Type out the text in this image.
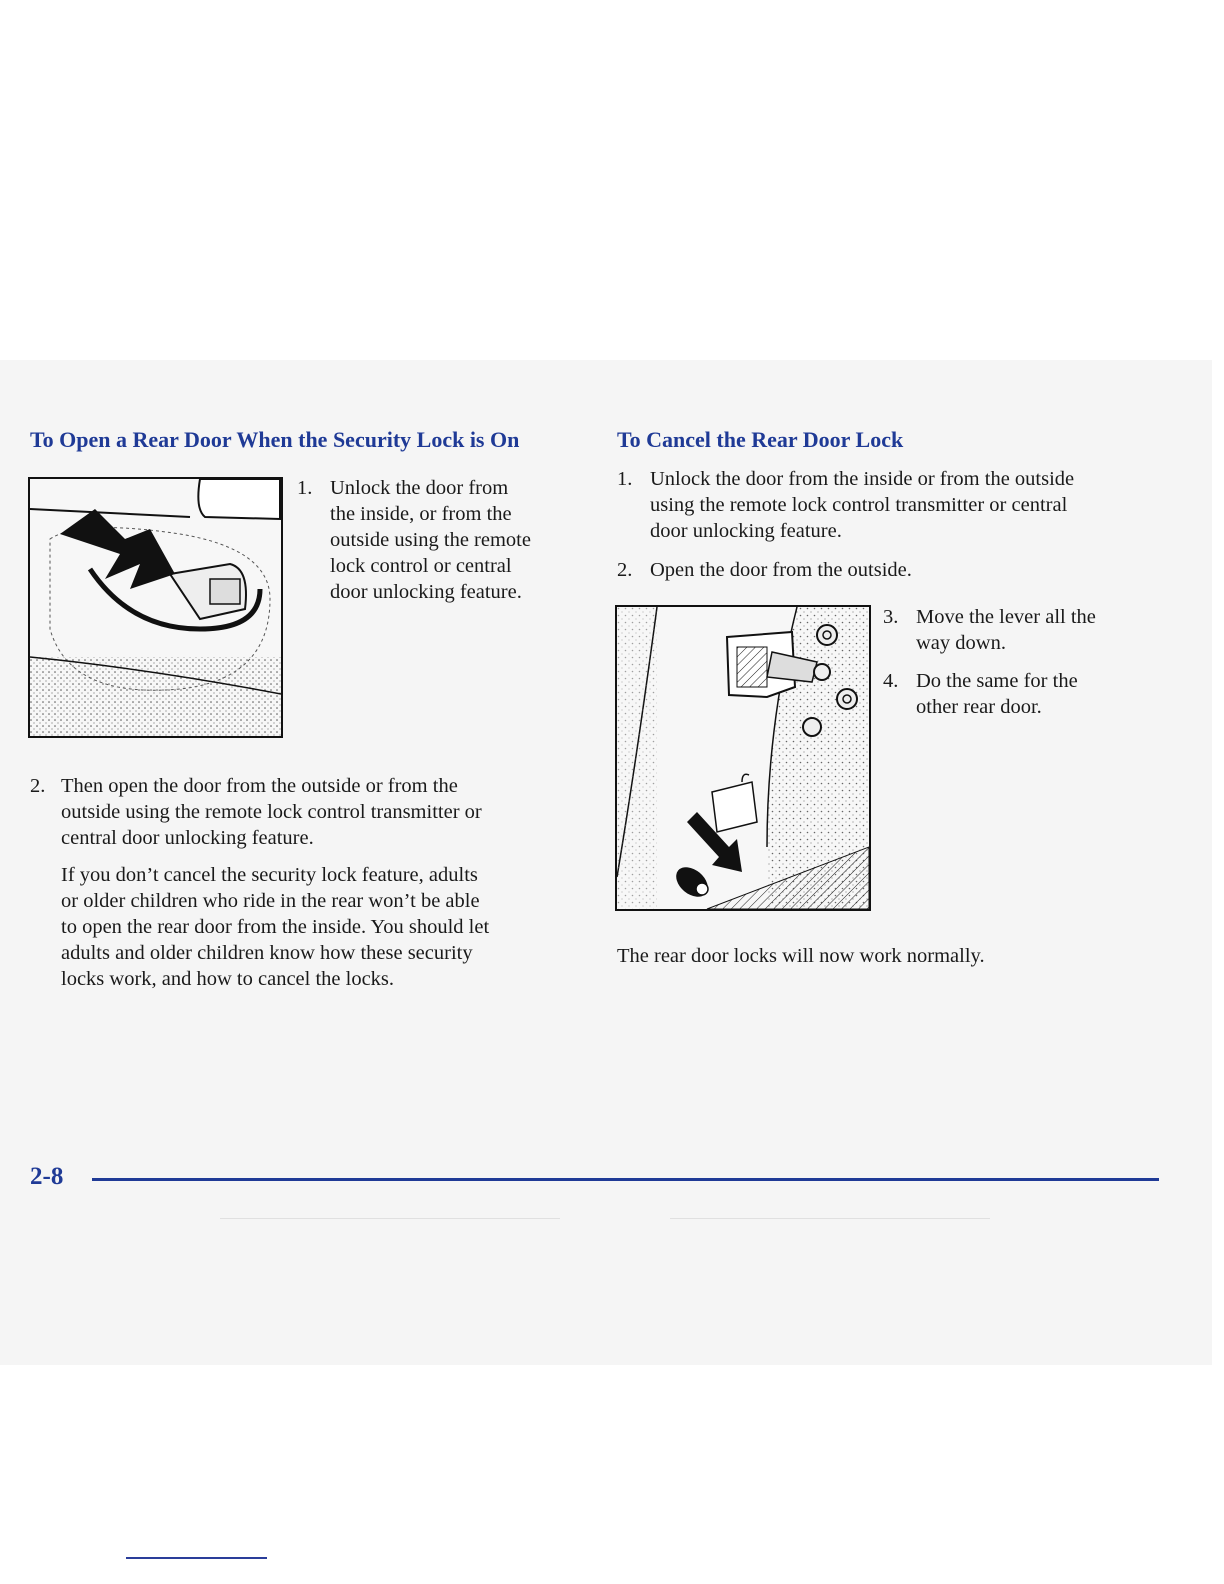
To Open a Rear Door When the Security Lock is On
1. Unlock the door from
the inside, or from the
outside using the remote
lock control or central
door unlocking feature.
2. Then open the door from the outside or from the
outside using the remote lock control transmitter or
central door unlocking feature.
If you don’t cancel the security lock feature, adults
or older children who ride in the rear won’t be able
to open the rear door from the inside. You should let
adults and older children know how these security
locks work, and how to cancel the locks.
To Cancel the Rear Door Lock
1. Unlock the door from the inside or from the outside
using the remote lock control transmitter or central
door unlocking feature.
2. Open the door from the outside.
3. Move the lever all the
way down.
4. Do the same for the
other rear door.

The rear door locks will now work normally.

2-8
